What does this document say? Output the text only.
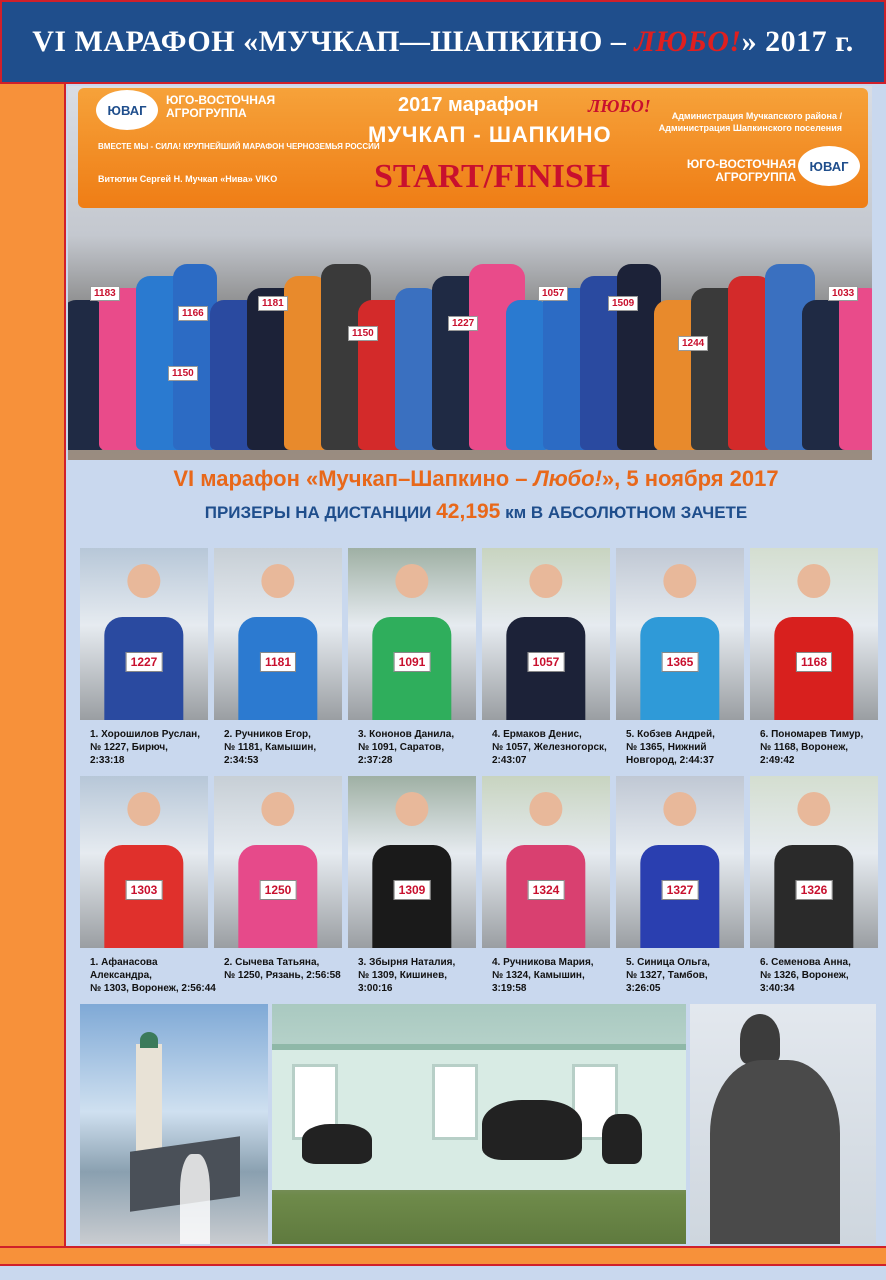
VI МАРАФОН «МУЧКАП—ШАПКИНО – ЛЮБО!» 2017 г.
ЮВАГ
ЮГО-ВОСТОЧНАЯ АГРОГРУППА
ВМЕСТЕ МЫ - СИЛА! КРУПНЕЙШИЙ МАРАФОН ЧЕРНОЗЕМЬЯ РОССИИ
Витютин Сергей Н. Мучкап «Нива» VIKO
2017 марафон	ЛЮБО!
МУЧКАП - ШАПКИНО
START/FINISH
Администрация Мучкапского района / Администрация Шапкинского поселения
ЮВАГ
ЮГО-ВОСТОЧНАЯ АГРОГРУППА
1183
1166
1181
1150
1227
1057
1509
1244
1033
1150
VI марафон «Мучкап–Шапкино – Любо!», 5 ноября 2017
ПРИЗЕРЫ НА ДИСТАНЦИИ 42,195 км В АБСОЛЮТНОМ ЗАЧЕТЕ
1227
1. Хорошилов Руслан,
№ 1227, Бирюч,
2:33:18
1181
2. Ручников Егор,
№ 1181, Камышин,
2:34:53
1091
3. Кононов Данила,
№ 1091, Саратов,
2:37:28
1057
4. Ермаков Денис,
№ 1057, Железногорск,
2:43:07
1365
5. Кобзев Андрей,
№ 1365, Нижний
Новгород, 2:44:37
1168
6. Пономарев Тимур,
№ 1168, Воронеж,
2:49:42
1303
1. Афанасова Александра,
№ 1303, Воронеж, 2:56:44
1250
2. Сычева Татьяна,
№ 1250, Рязань, 2:56:58
1309
3. Збырня Наталия,
№ 1309, Кишинев,
3:00:16
1324
4. Ручникова Мария,
№ 1324, Камышин,
3:19:58
1327
5. Синица Ольга,
№ 1327, Тамбов,
3:26:05
1326
6. Семенова Анна,
№ 1326, Воронеж,
3:40:34
